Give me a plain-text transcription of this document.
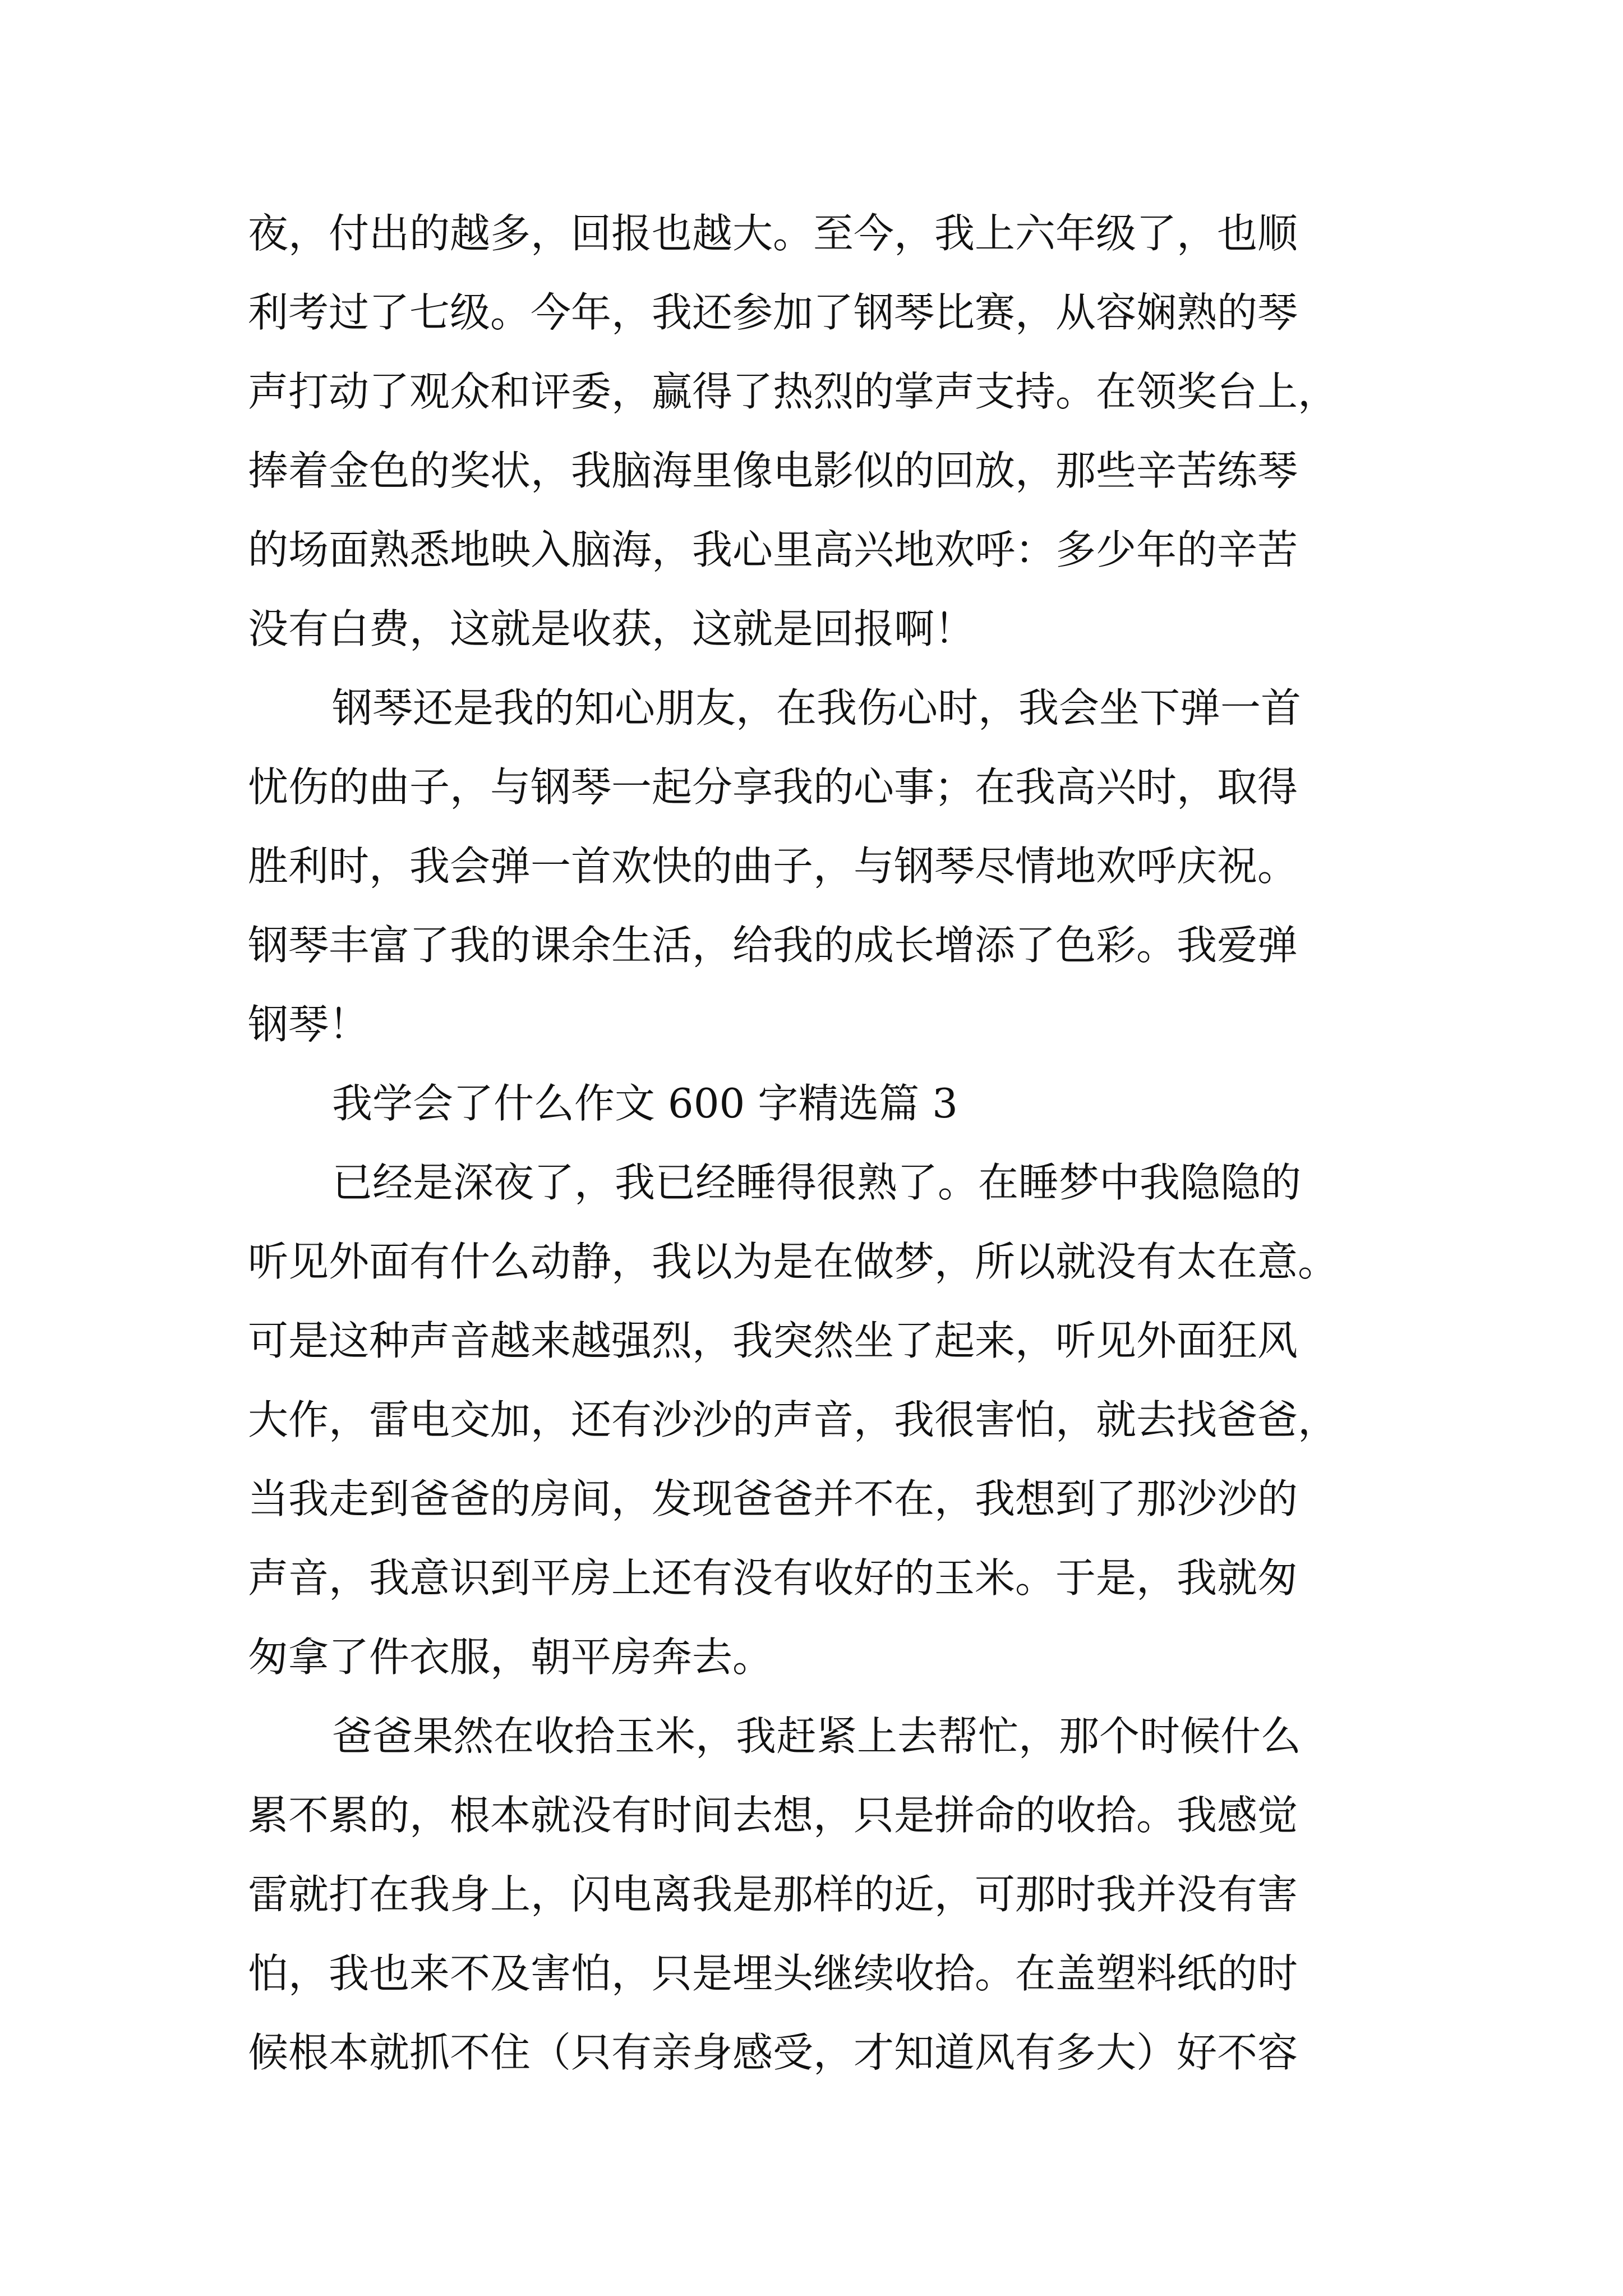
夜，付出的越多，回报也越大。至今，我上六年级了，也顺
利考过了七级。今年，我还参加了钢琴比赛，从容娴熟的琴
声打动了观众和评委，赢得了热烈的掌声支持。在领奖台上，
捧着金色的奖状，我脑海里像电影似的回放，那些辛苦练琴
的场面熟悉地映入脑海，我心里高兴地欢呼：多少年的辛苦
没有白费，这就是收获，这就是回报啊！
钢琴还是我的知心朋友，在我伤心时，我会坐下弹一首
忧伤的曲子，与钢琴一起分享我的心事；在我高兴时，取得
胜利时，我会弹一首欢快的曲子，与钢琴尽情地欢呼庆祝。
钢琴丰富了我的课余生活，给我的成长增添了色彩。我爱弹
钢琴！
我学会了什么作文 600 字精选篇 3
已经是深夜了，我已经睡得很熟了。在睡梦中我隐隐的
听见外面有什么动静，我以为是在做梦，所以就没有太在意。
可是这种声音越来越强烈，我突然坐了起来，听见外面狂风
大作，雷电交加，还有沙沙的声音，我很害怕，就去找爸爸，
当我走到爸爸的房间，发现爸爸并不在，我想到了那沙沙的
声音，我意识到平房上还有没有收好的玉米。于是，我就匆
匆拿了件衣服，朝平房奔去。
爸爸果然在收拾玉米，我赶紧上去帮忙，那个时候什么
累不累的，根本就没有时间去想，只是拼命的收拾。我感觉
雷就打在我身上，闪电离我是那样的近，可那时我并没有害
怕，我也来不及害怕，只是埋头继续收拾。在盖塑料纸的时
候根本就抓不住（只有亲身感受，才知道风有多大）好不容
